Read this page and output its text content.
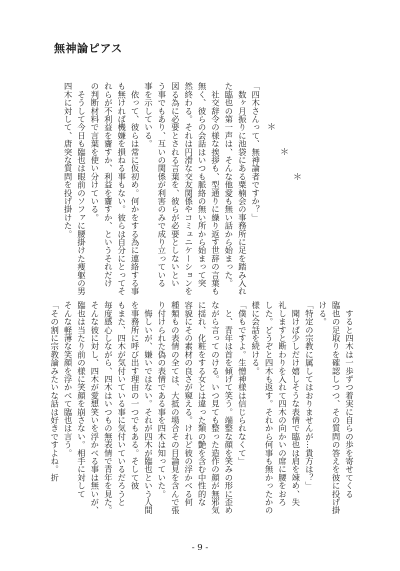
無神論ピアス
＊
＊
＊
「四木さんって、無神論者ですか？」
　数ヶ月振りに池袋にある粟楠会の事務所に足を踏み入れ
た臨也の第一声は、そんな他愛も無い話から始まった。
　社交辞令の様な挨拶も、型通りに繰り返す世辞の言葉も
無く、彼らの会話はいつも脈絡の無い所から始まって突
然終わる。それは円滑な交友関係やコミュニケーションを
図る為に必要とされる言葉を、彼らが必要としないとい
う事でもあり、互いの関係が利害のみで成り立っている
事を示している。
　依って、彼らは常に仮初め。何かをする為に連絡する事
も無ければ機嫌を損ねる事もない。彼らは自分にとってそ
れらが不利益を齎すか、利益を齎すか、というそれだけ
の判断材料で言葉を使い分けている。
　そうして今日も臨也は眼前のソファに腰掛けた痩躯の男
四木に対して、唐突な質問を投げ掛けた。
　すると四木は一歩ずつ着実に自らの歩を寄せてくる
臨也の足取りを確認しつつ、その質問の答えを彼に投げ掛
ける。
「特定の宗教に属してはおりませんが…貴方は？」
　聞けば少しだけ嬉しそうな表情で臨也は肩を竦め、失
礼しますと断わりを入れて四木の向かいの席に腰をおろ
した。どうぞと四木も返す。それから何事も無かったかの
様に会話を続ける。
「僕もですよ。生憎神様は信じられなくて」
　と、青年は首を傾げて笑う。端整な顔を笑みの形に歪め
ながら言ってのける。いつ見ても整った造作の顔が無邪気
に揺れ、化粧をする女とは違った類の艶を含む中性的な
容貌にその素材の良さが窺える。けれど彼の浮かべる何
種類もの表情の全ては、大抵の場合その目論見を含んで張
り付けられた偽の表情である事を四木は知っていた。
　悔しいが、嫌いではない。それが四木が臨也という人間
を事務所に呼び出す理由の一つでもある。そして彼
もまた、四木が気付いている事に気付いているだろうと
毎度感心しながら、四木はいつもの無表情で青年を見た。
そんな彼に対し、四木が愛想笑いを浮かべる事は無いが、
臨也は当たり前の様に笑顔を崩さない。相手に対して
そんな軽薄な笑顔を浮かべて臨也は言う。
「その割に宗教論みたいな話は好きですよね。折
- 9 -
